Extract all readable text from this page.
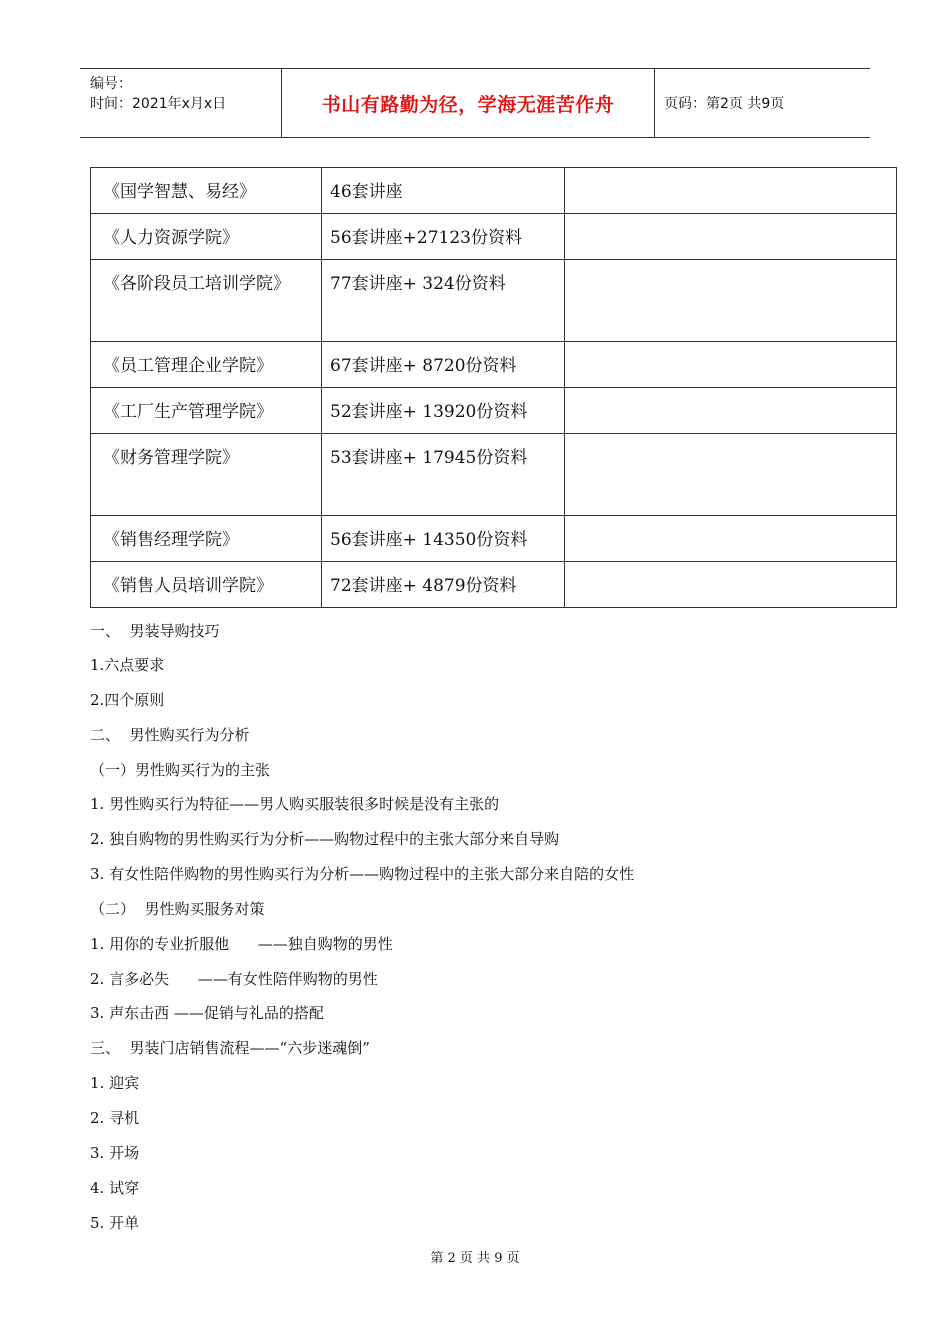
编号：
时间：2021年x月x日	书山有路勤为径，学海无涯苦作舟	页码：第2页 共9页
《国学智慧、易经》	46套讲座	
《人力资源学院》	56套讲座+27123份资料	
《各阶段员工培训学院》	77套讲座+ 324份资料	
《员工管理企业学院》	67套讲座+ 8720份资料	
《工厂生产管理学院》	52套讲座+ 13920份资料	
《财务管理学院》	53套讲座+ 17945份资料	
《销售经理学院》	56套讲座+ 14350份资料	
《销售人员培训学院》	72套讲座+ 4879份资料	
一、  男装导购技巧
1.六点要求
2.四个原则
二、  男性购买行为分析
（一）男性购买行为的主张
1. 男性购买行为特征——男人购买服装很多时候是没有主张的
2. 独自购物的男性购买行为分析——购物过程中的主张大部分来自导购
3. 有女性陪伴购物的男性购买行为分析——购物过程中的主张大部分来自陪的女性
（二）  男性购买服务对策
1. 用你的专业折服他      ——独自购物的男性
2. 言多必失      ——有女性陪伴购物的男性
3. 声东击西 ——促销与礼品的搭配
三、  男装门店销售流程——“六步迷魂倒”
1. 迎宾
2. 寻机
3. 开场
4. 试穿
5. 开单
第 2 页 共 9 页
